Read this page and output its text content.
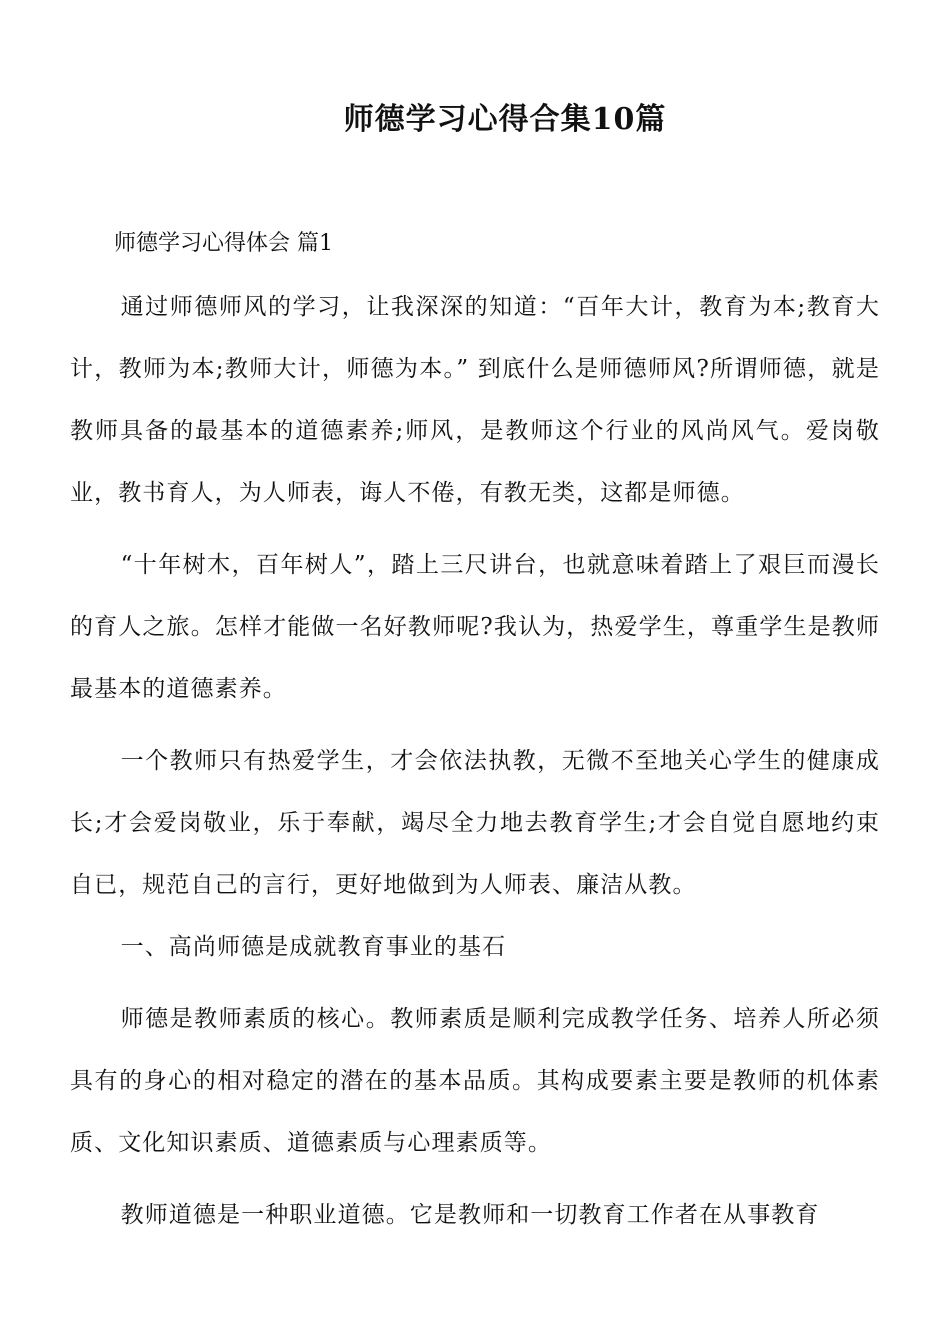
师德学习心得合集10篇
师德学习心得体会 篇1

通过师德师风的学习，让我深深的知道：“百年大计，教育为本;教育大计，教师为本;教师大计，师德为本。” 到底什么是师德师风?所谓师德，就是教师具备的最基本的道德素养;师风，是教师这个行业的风尚风气。爱岗敬业，教书育人，为人师表，诲人不倦，有教无类，这都是师德。

“十年树木，百年树人”，踏上三尺讲台，也就意味着踏上了艰巨而漫长的育人之旅。怎样才能做一名好教师呢?我认为，热爱学生，尊重学生是教师最基本的道德素养。

一个教师只有热爱学生，才会依法执教，无微不至地关心学生的健康成长;才会爱岗敬业，乐于奉献，竭尽全力地去教育学生;才会自觉自愿地约束自已，规范自己的言行，更好地做到为人师表、廉洁从教。

一、高尚师德是成就教育事业的基石

师德是教师素质的核心。教师素质是顺利完成教学任务、培养人所必须具有的身心的相对稳定的潜在的基本品质。其构成要素主要是教师的机体素质、文化知识素质、道德素质与心理素质等。

教师道德是一种职业道德。它是教师和一切教育工作者在从事教育
